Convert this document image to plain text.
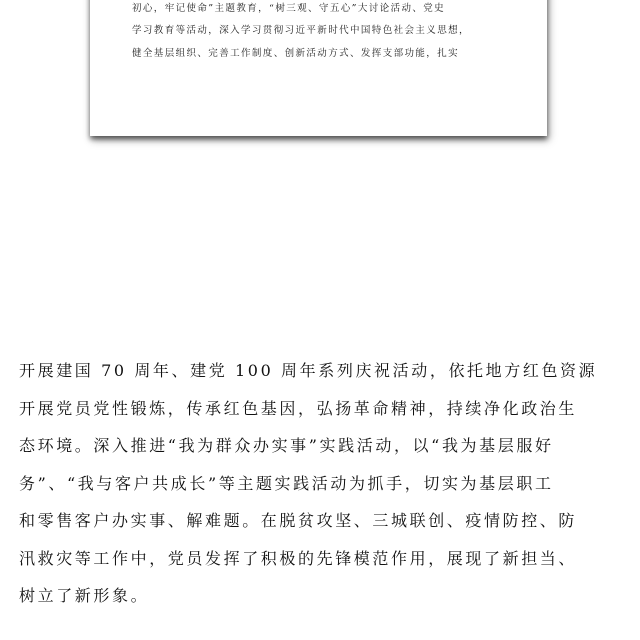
初心，牢记使命”主题教育，“树三观、守五心”大讨论活动、党史
学习教育等活动，深入学习贯彻习近平新时代中国特色社会主义思想，
健全基层组织、完善工作制度、创新活动方式、发挥支部功能，扎实
开展建国 70 周年、建党 100 周年系列庆祝活动，依托地方红色资源
开展党员党性锻炼，传承红色基因，弘扬革命精神，持续净化政治生
态环境。深入推进“我为群众办实事”实践活动，以“我为基层服好
务”、“我与客户共成长”等主题实践活动为抓手，切实为基层职工
和零售客户办实事、解难题。在脱贫攻坚、三城联创、疫情防控、防
汛救灾等工作中，党员发挥了积极的先锋模范作用，展现了新担当、
树立了新形象。
